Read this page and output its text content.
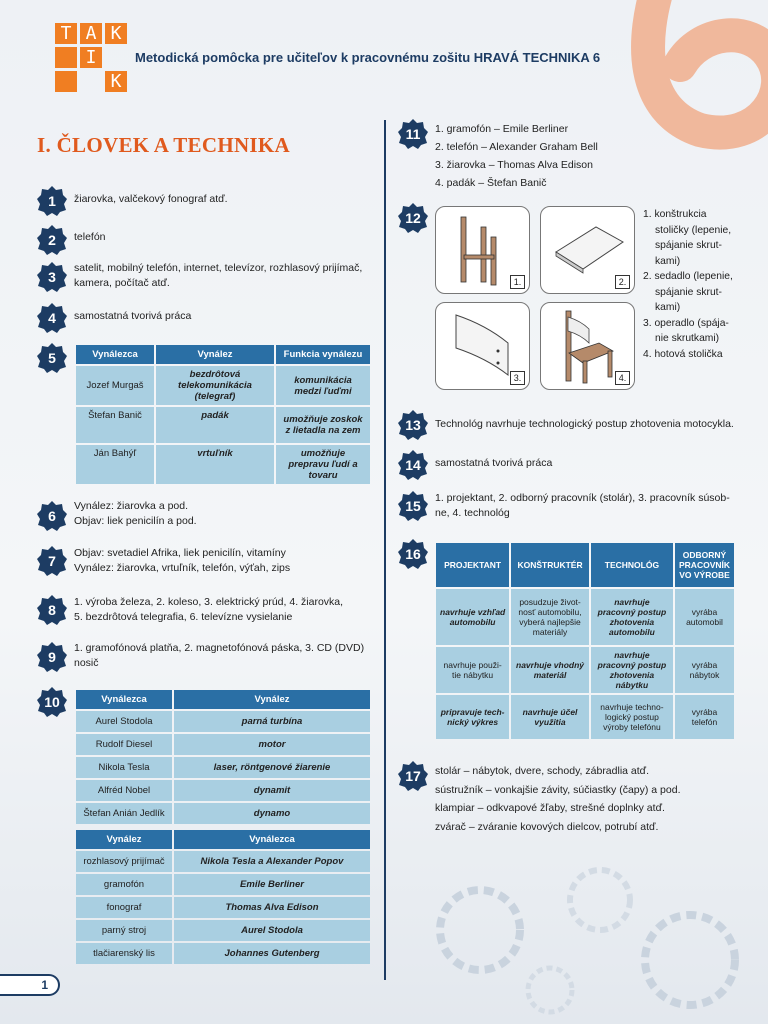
T A K
I
K
Metodická pomôcka pre učiteľov k pracovnému zošitu HRAVÁ TECHNIKA 6
I. ČLOVEK A TECHNIKA
1	žiarovka, valčekový fonograf atď.
2	telefón
3
satelit, mobilný telefón, internet, televízor, rozhlasový prijímač,
kamera, počítač atď.
4	samostatná tvorivá práca
5	Vynálezca	Vynález	Funkcia vynálezu
Jozef Murgaš	bezdrôtová telekomunikácia (telegraf)	komunikácia medzi ľuďmi
Štefan Banič	padák	umožňuje zoskok z lietadla na zem
Ján Bahýľ	vrtuľník	umožňuje prepravu ľudí a tovaru
6
Vynález: žiarovka a pod.
Objav: liek penicilín a pod.
7	Objav: svetadiel Afrika, liek penicilín, vitamíny
Vynález: žiarovka, vrtuľník, telefón, výťah, zips
8	1. výroba železa, 2. koleso, 3. elektrický prúd, 4. žiarovka,
5. bezdrôtová telegrafia, 6. televízne vysielanie
9
1. gramofónová platňa, 2. magnetofónová páska, 3. CD (DVD)
nosič
10	Vynálezca	Vynález
Aurel Stodola	parná turbína
Rudolf Diesel	motor
Nikola Tesla	laser, röntgenové žiarenie
Alfréd Nobel	dynamit
Štefan Anián Jedlík	dynamo
Vynález	Vynálezca
rozhlasový prijímač	Nikola Tesla a Alexander Popov
gramofón	Emile Berliner
fonograf	Thomas Alva Edison
parný stroj	Aurel Stodola
tlačiarenský lis	Johannes Gutenberg
11	1. gramofón – Emile Berliner
2. telefón – Alexander Graham Bell
3. žiarovka – Thomas Alva Edison
4. padák – Štefan Banič
12
1.	2.
3.	4.
1. konštrukcia
stoličky (lepenie,
spájanie skrut-
kami)
2. sedadlo (lepenie,
spájanie skrut-
kami)
3. operadlo (spája-
nie skrutkami)
4. hotová stolička
13	Technológ navrhuje technologický postup zhotovenia motocykla.
14	samostatná tvorivá práca
15	1. projektant, 2. odborný pracovník (stolár), 3. pracovník súsob-
ne, 4. technológ
16
PROJEKTANT	KONŠTRUKTÉR	TECHNOLÓG	ODBORNÝ PRACOVNÍK VO VÝROBE
navrhuje vzhľad automobilu	posudzuje život-nosť automobilu, vyberá najlepšie materiály	navrhuje pracovný postup zhotovenia automobilu	vyrába automobil
navrhuje použi-tie nábytku	navrhuje vhodný materiál	navrhuje pracovný postup zhotovenia nábytku	vyrába nábytok
pripravuje tech-nický výkres	navrhuje účel využitia	navrhuje techno-logický postup výroby telefónu	vyrába telefón
17	stolár – nábytok, dvere, schody, zábradlia atď.
sústružník – vonkajšie závity, súčiastky (čapy) a pod.
klampiar – odkvapové žľaby, strešné doplnky atď.
zvárač – zváranie kovových dielcov, potrubí atď.
1
